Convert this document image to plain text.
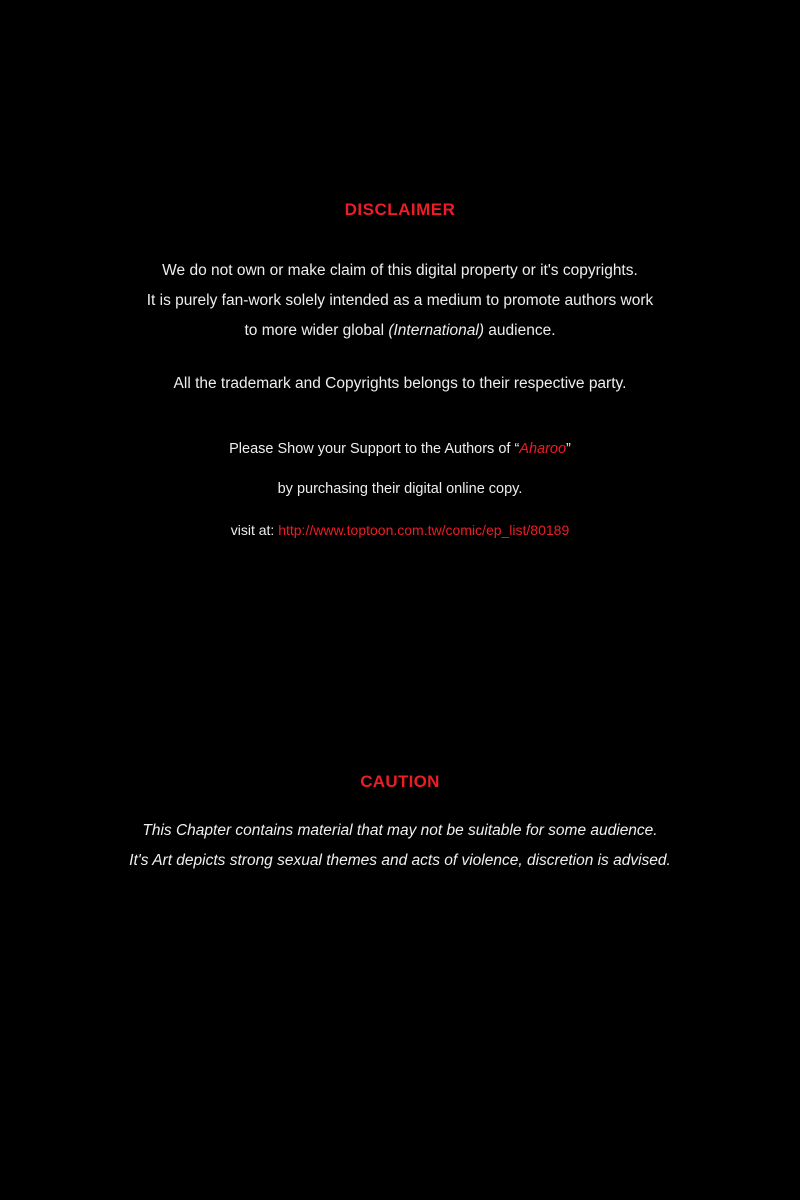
DISCLAIMER

We do not own or make claim of this digital property or it's copyrights.

It is purely fan-work solely intended as a medium to promote authors work

to more wider global (International) audience.

All the trademark and Copyrights belongs to their respective party.

Please Show your Support to the Authors of “Aharoo”

by purchasing their digital online copy.

visit at: http://www.toptoon.com.tw/comic/ep_list/80189

CAUTION

This Chapter contains material that may not be suitable for some audience.

It's Art depicts strong sexual themes and acts of violence, discretion is advised.
